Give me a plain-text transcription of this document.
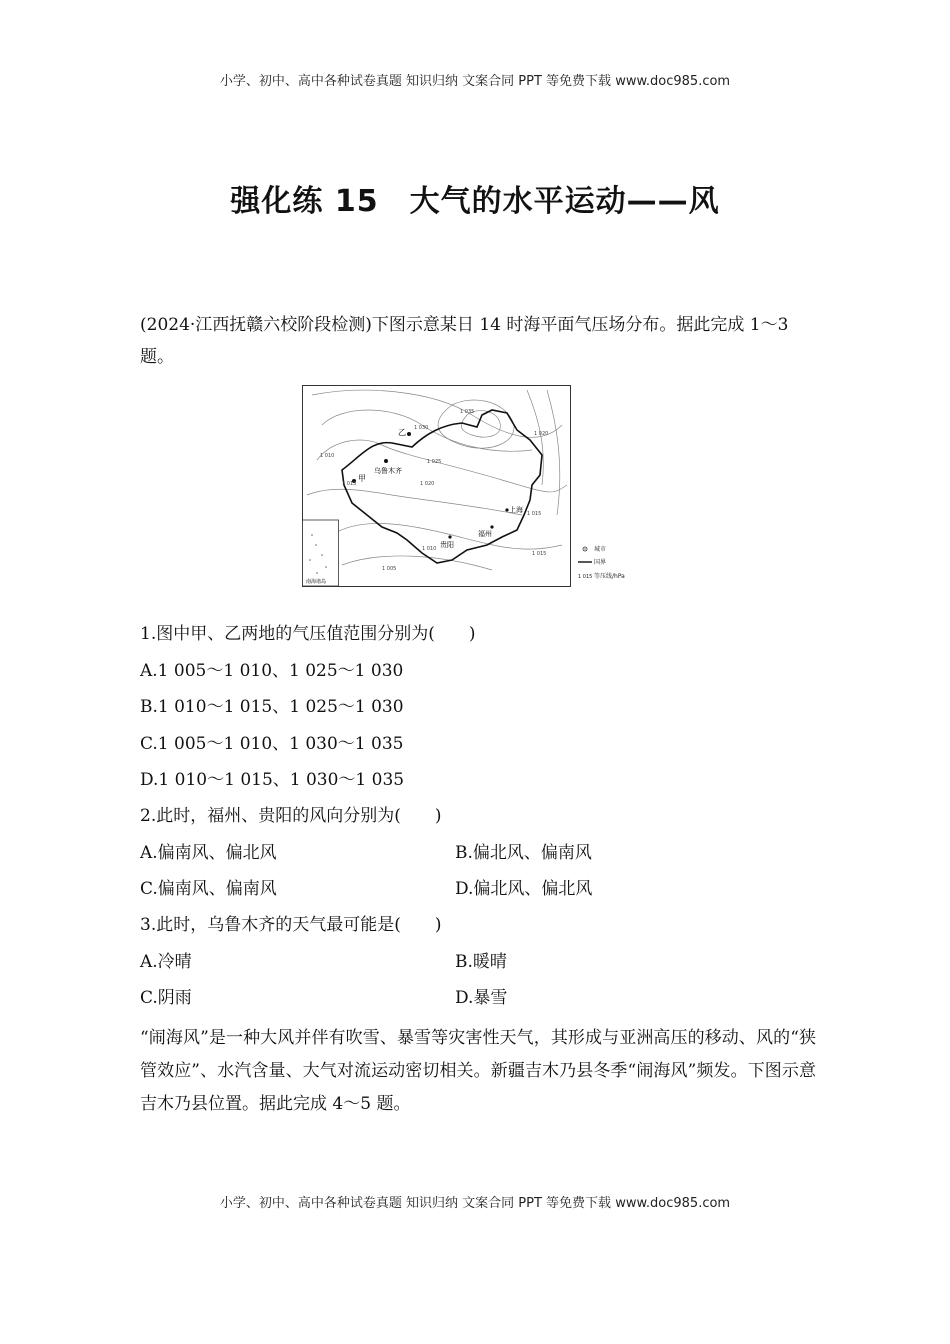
小学、初中、高中各种试卷真题 知识归纳 文案合同 PPT 等免费下载 www.doc985.com
强化练 15　大气的水平运动——风
(2024·江西抚赣六校阶段检测)下图示意某日 14 时海平面气压场分布。据此完成 1～3 题。
南海诸岛
乌鲁木齐
甲
乙
上海
福州
贵阳
1 010
1 015	1 020
1 025
1 030
1 035
1 020
1 015
1 010
1 015
1 005
城市
国界
1 015 等压线/hPa
1.图中甲、乙两地的气压值范围分别为(　　)
A.1 005～1 010、1 025～1 030
B.1 010～1 015、1 025～1 030
C.1 005～1 010、1 030～1 035
D.1 010～1 015、1 030～1 035
2.此时，福州、贵阳的风向分别为(　　)
A.偏南风、偏北风	B.偏北风、偏南风
C.偏南风、偏南风	D.偏北风、偏北风
3.此时，乌鲁木齐的天气最可能是(　　)
A.冷晴	B.暖晴
C.阴雨	D.暴雪
“闹海风”是一种大风并伴有吹雪、暴雪等灾害性天气，其形成与亚洲高压的移动、风的“狭管效应”、水汽含量、大气对流运动密切相关。新疆吉木乃县冬季“闹海风”频发。下图示意吉木乃县位置。据此完成 4～5 题。
小学、初中、高中各种试卷真题 知识归纳 文案合同 PPT 等免费下载 www.doc985.com
